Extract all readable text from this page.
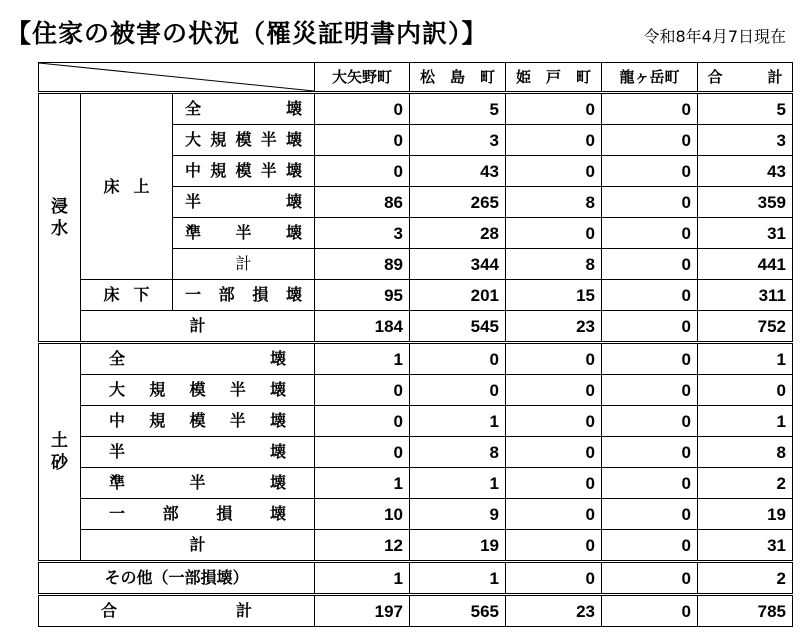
【住家の被害の状況（罹災証明書内訳）】	令和8年4月7日現在
	大矢野町	松　島　町	姫　戸　町	龍ヶ岳町	合　　　計
浸水	床上	全 壊	0	5	0	0	5

		大 規 模 半 壊	0	3	0	0	3

		中 規 模 半 壊	0	43	0	0	43

		半 壊	86	265	8	0	359

		準 半 壊	3	28	0	0	31
		計	89	344	8	0	441
	床下	一 部 損 壊	95	201	15	0	311
	計		184	545	23	0	752
土砂	全 壊		1	0	0	0	1

	大 規 模 半 壊		0	0	0	0	0

	中 規 模 半 壊		0	1	0	0	1

	半 壊		0	8	0	0	8

	準 半 壊		1	1	0	0	2

	一 部 損 壊		10	9	0	0	19
	計		12	19	0	0	31
その他（一部損壊）			1	1	0	0	2

合 計			197	565	23	0	785
